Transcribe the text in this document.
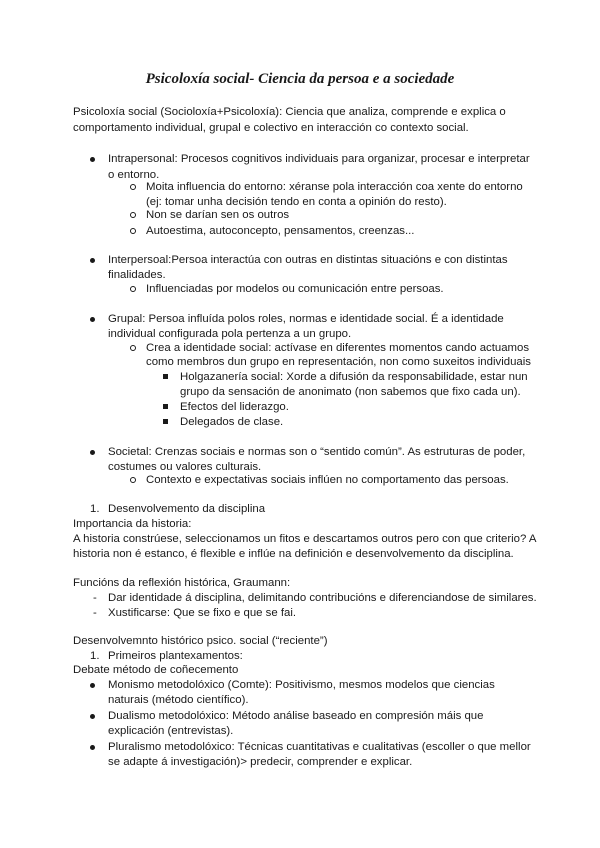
Psicoloxía social- Ciencia da persoa e a sociedade
Psicoloxía social (Socioloxía+Psicoloxía): Ciencia que analiza, comprende e explica o
comportamento individual, grupal e colectivo en interacción co contexto social.
Intrapersonal: Procesos cognitivos individuais para organizar, procesar e interpretar
o entorno.
Moita influencia do entorno: xéranse pola interacción coa xente do entorno
(ej: tomar unha decisión tendo en conta a opinión do resto).
Non se darían sen os outros
Autoestima, autoconcepto, pensamentos, creenzas...
Interpersoal:Persoa interactúa con outras en distintas situacións e con distintas
finalidades.
Influenciadas por modelos ou comunicación entre persoas.
Grupal: Persoa influída polos roles, normas e identidade social. É a identidade
individual configurada pola pertenza a un grupo.
Crea a identidade social: actívase en diferentes momentos cando actuamos
como membros dun grupo en representación, non como suxeitos individuais
Holgazanería social: Xorde a difusión da responsabilidade, estar nun
grupo da sensación de anonimato (non sabemos que fixo cada un).
Efectos del liderazgo.
Delegados de clase.
Societal: Crenzas sociais e normas son o “sentido común”. As estruturas de poder,
costumes ou valores culturais.
Contexto e expectativas sociais inflúen no comportamento das persoas.
1. Desenvolvemento da disciplina
Importancia da historia:
A historia constrúese, seleccionamos un fitos e descartamos outros pero con que criterio? A
historia non é estanco, é flexible e inflúe na definición e desenvolvemento da disciplina.
Funcións da reflexión histórica, Graumann:
- Dar identidade á disciplina, delimitando contribucións e diferenciandose de similares.
- Xustificarse: Que se fixo e que se fai.
Desenvolvemnto histórico psico. social (“reciente”)
1. Primeiros plantexamentos:
Debate método de coñecemento
Monismo metodolóxico (Comte): Positivismo, mesmos modelos que ciencias
naturais (método científico).
Dualismo metodolóxico: Método análise baseado en compresión máis que
explicación (entrevistas).
Pluralismo metodolóxico: Técnicas cuantitativas e cualitativas (escoller o que mellor
se adapte á investigación)> predecir, comprender e explicar.
